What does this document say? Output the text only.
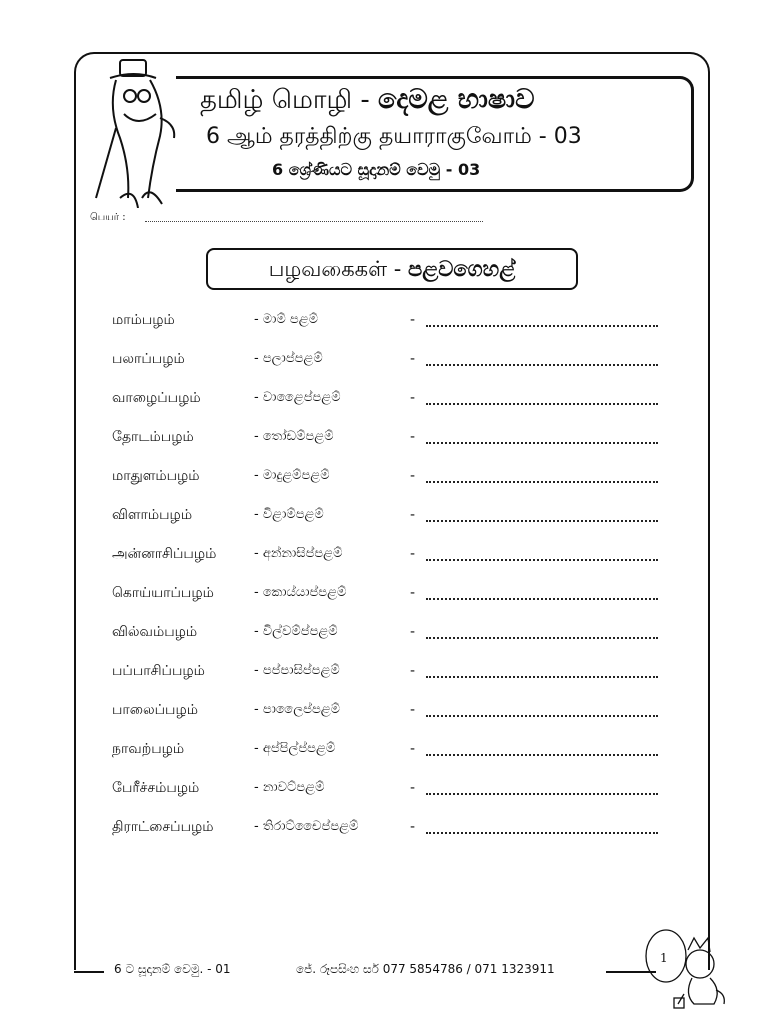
தமிழ் மொழி - දෙමළ භාෂාව
6 ஆம் தரத்திற்கு தயாராகுவோம் - 03
6 ශ්‍රේණියට සූදානම් වෙමු - 03
பெயர் :
பழவகைகள் - පළවගෙහළ්
மாம்பழம்	- මාම් පළම්	-
பலாப்பழம்	- පලාප්පළම්	-
வாழைப்பழம்	- වාළෛප්පළම්	-
தோடம்பழம்	- තෝඩම්පළම්	-
மாதுளம்பழம்	- මාදුළම්පළම්	-
விளாம்பழம்	- විළාම්පළම්	-
அன்னாசிப்பழம்	- අන්නාසිප්පළම්	-
கொய்யாப்பழம்	- කොය්යාප්පළම්	-
வில்வம்பழம்	- විල්වම්ප්පළම්	-
பப்பாசிப்பழம்	- පප්පාසිප්පළම්	-
பாலைப்பழம்	- පාලෛප්පළම්	-
நாவற்பழம்	- අප්පිල්ප්පළම්	-
பேரீச்சம்பழம்	- නාවට්පළම්	-
திராட்சைப்பழம்	- තිරාට්චෛප්පළම්	-
6 ට සූදානම් වෙමු. - 01	ජේ. රූපසිංහ සර් 077 5854786 / 071 1323911
1
